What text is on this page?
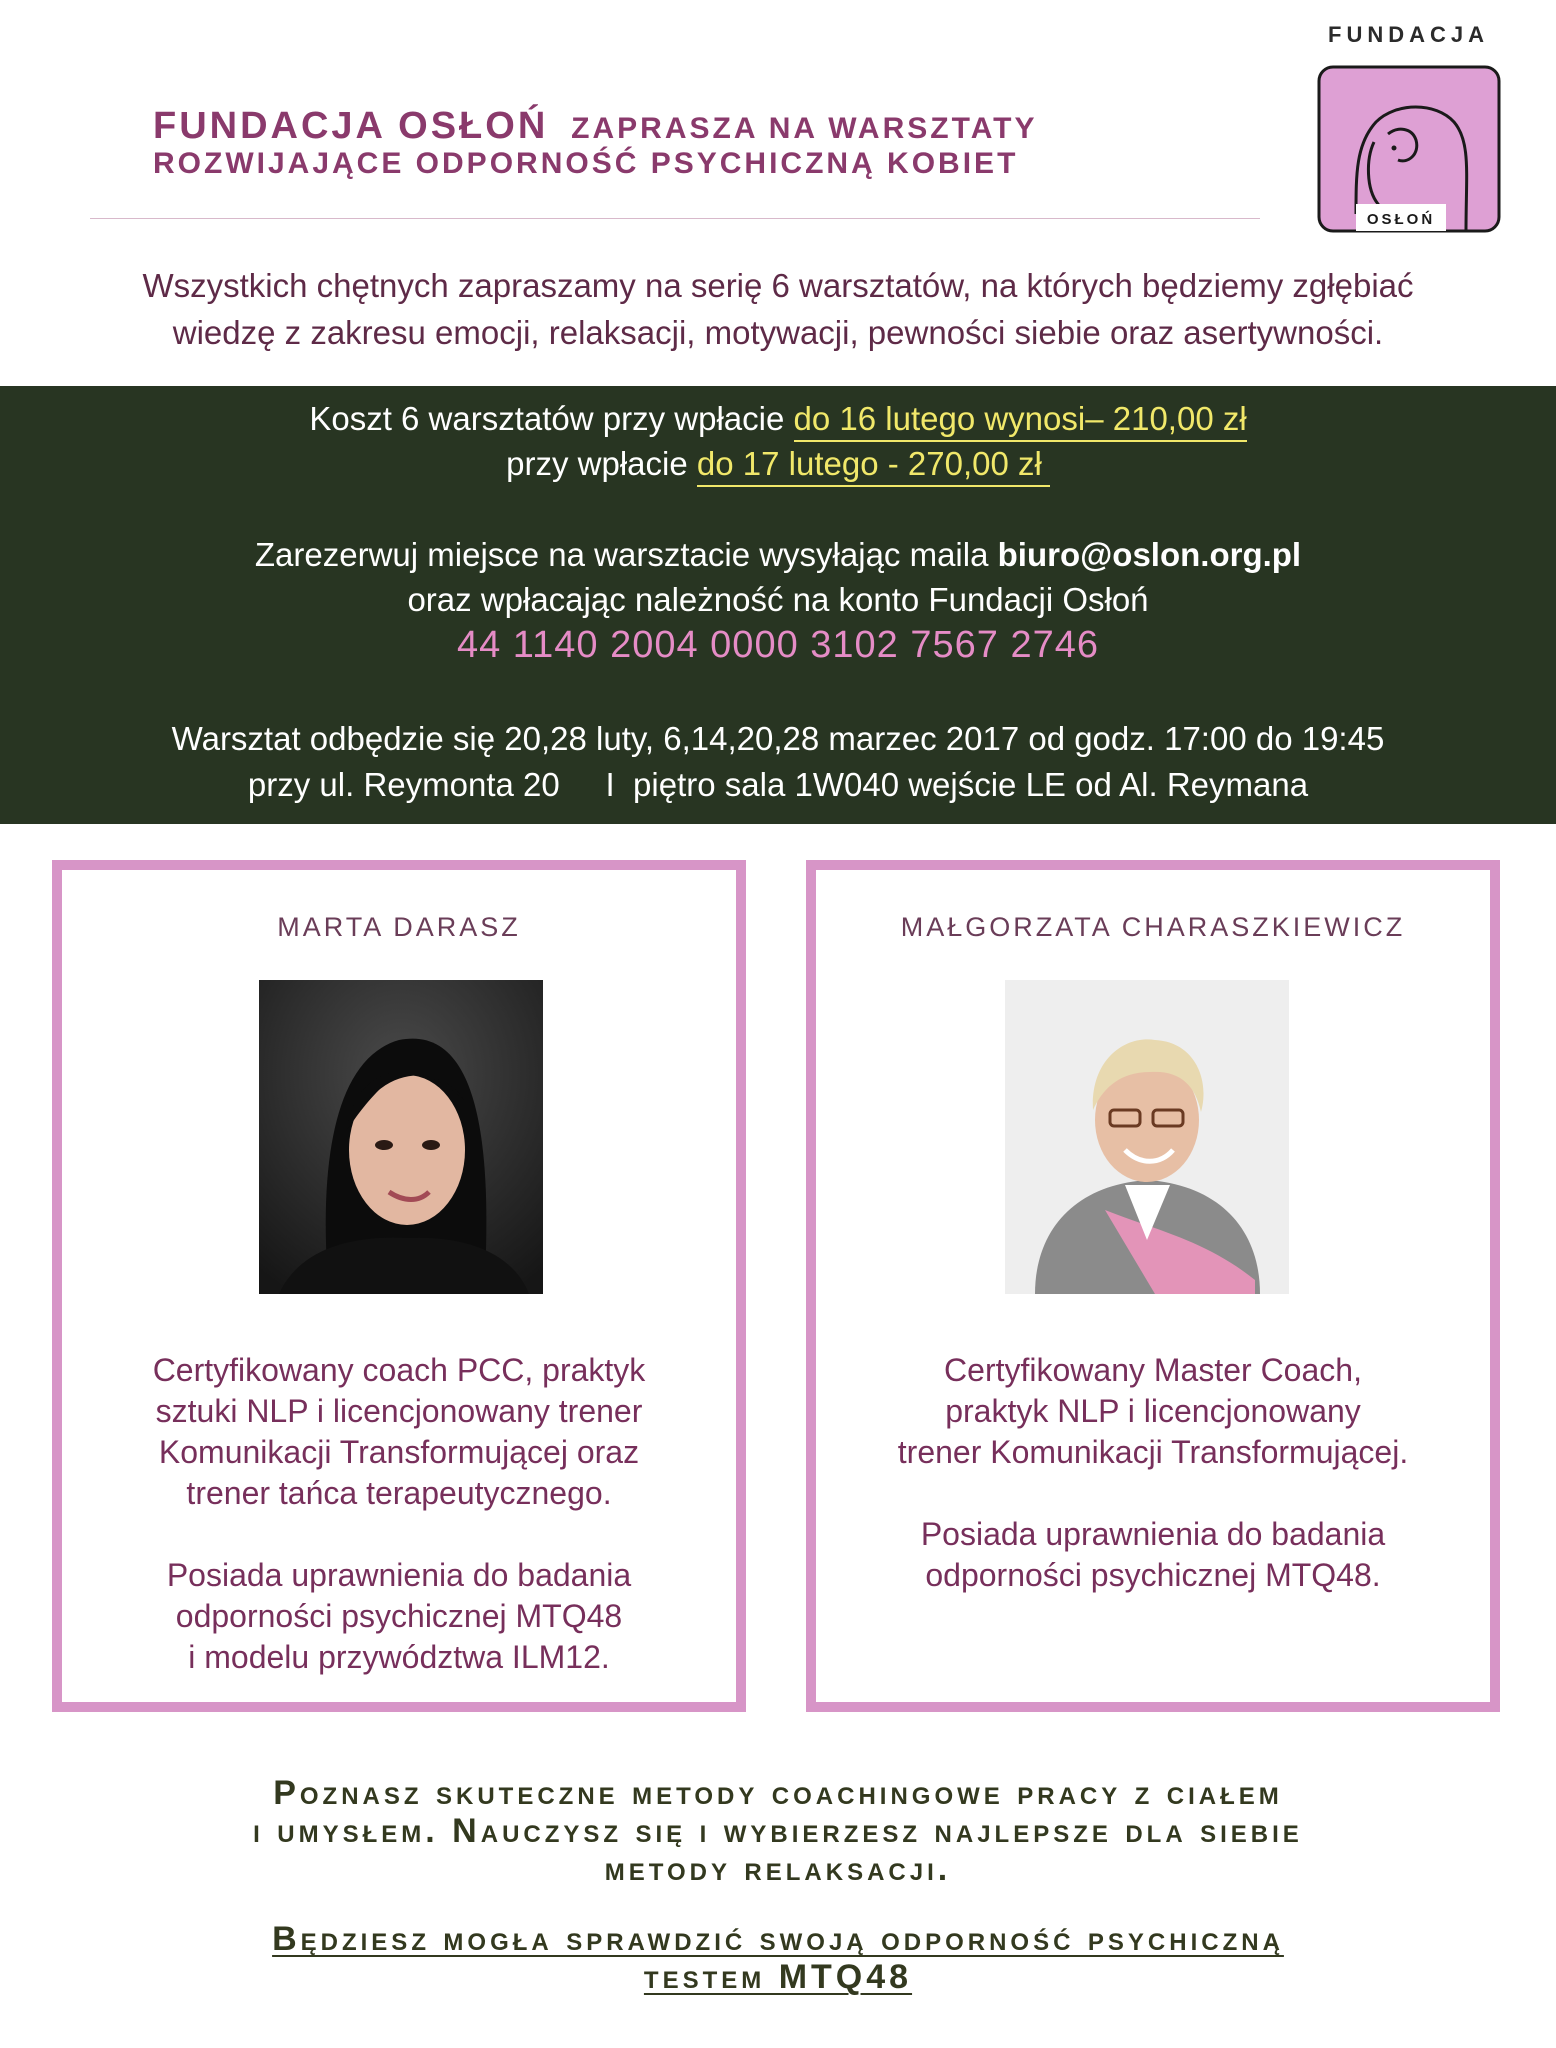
FUNDACJA OSŁOŃ ZAPRASZA NA WARSZTATY
ROZWIJAJĄCE ODPORNOŚĆ PSYCHICZNĄ KOBIET
FUNDACJA
OSŁOŃ
Wszystkich chętnych zapraszamy na serię 6 warsztatów, na których będziemy zgłębiać
wiedzę z zakresu emocji, relaksacji, motywacji, pewności siebie oraz asertywności.
Koszt 6 warsztatów przy wpłacie do 16 lutego wynosi– 210,00 zł
przy wpłacie do 17 lutego - 270,00 zł
Zarezerwuj miejsce na warsztacie wysyłając maila biuro@oslon.org.pl
oraz wpłacając należność na konto Fundacji Osłoń
44 1140 2004 0000 3102 7567 2746
Warsztat odbędzie się 20,28 luty, 6,14,20,28 marzec 2017 od godz. 17:00 do 19:45
przy ul. Reymonta 20     I  piętro sala 1W040 wejście LE od Al. Reymana
MARTA DARASZ

Certyfikowany coach PCC, praktyk

sztuki NLP i licencjonowany trener

Komunikacji Transformującej oraz

trener tańca terapeutycznego.

Posiada uprawnienia do badania

odporności psychicznej MTQ48

i modelu przywództwa ILM12.

MAŁGORZATA CHARASZKIEWICZ

Certyfikowany Master Coach,

praktyk NLP i licencjonowany

trener Komunikacji Transformującej.

Posiada uprawnienia do badania

odporności psychicznej MTQ48.

Poznasz skuteczne metody coachingowe pracy z ciałem
i umysłem. Nauczysz się i wybierzesz najlepsze dla siebie
metody relaksacji.
Będziesz mogła sprawdzić swoją odporność psychiczną
testem MTQ48
